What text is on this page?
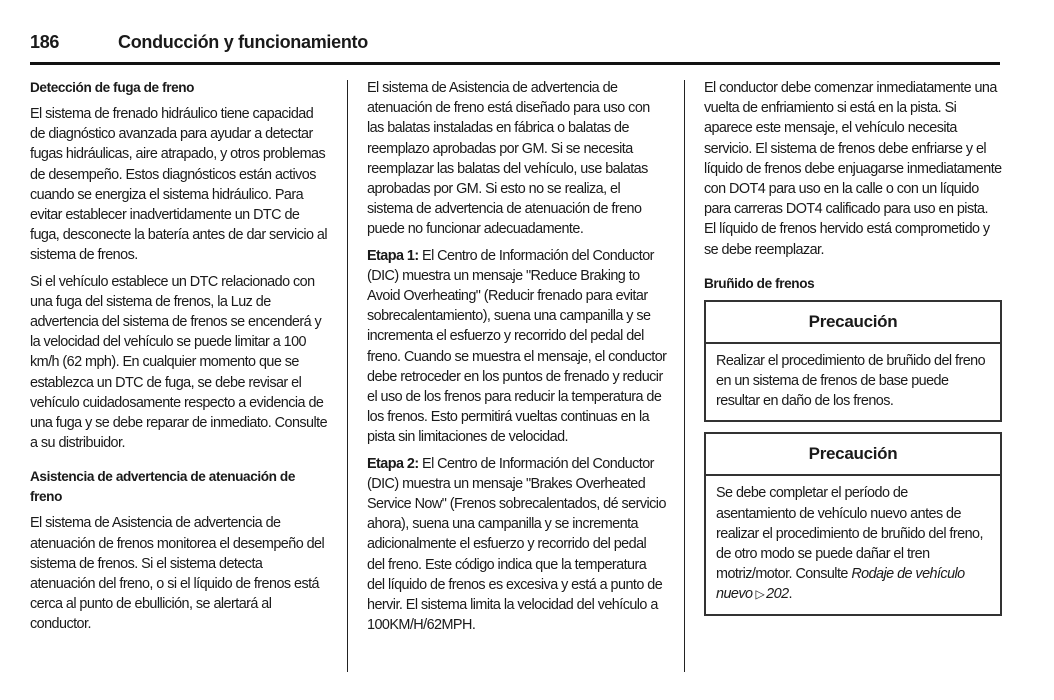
186	Conducción y funcionamiento
Detección de fuga de freno

El sistema de frenado hidráulico tiene capacidad de diagnóstico avanzada para ayudar a detectar fugas hidráulicas, aire atrapado, y otros problemas de desempeño. Estos diagnósticos están activos cuando se energiza el sistema hidráulico. Para evitar establecer inadvertidamente un DTC de fuga, desconecte la batería antes de dar servicio al sistema de frenos.

Si el vehículo establece un DTC relacionado con una fuga del sistema de frenos, la Luz de advertencia del sistema de frenos se encenderá y la velocidad del vehículo se puede limitar a 100 km/h (62 mph). En cualquier momento que se establezca un DTC de fuga, se debe revisar el vehículo cuidadosamente respecto a evidencia de una fuga y se debe reparar de inmediato. Consulte a su distribuidor.

Asistencia de advertencia de atenuación de freno

El sistema de Asistencia de advertencia de atenuación de frenos monitorea el desempeño del sistema de frenos. Si el sistema detecta atenuación del freno, o si el líquido de frenos está cerca al punto de ebullición, se alertará al conductor.

El sistema de Asistencia de advertencia de atenuación de freno está diseñado para uso con las balatas instaladas en fábrica o balatas de reemplazo aprobadas por GM. Si se necesita reemplazar las balatas del vehículo, use balatas aprobadas por GM. Si esto no se realiza, el sistema de advertencia de atenuación de freno puede no funcionar adecuadamente.

Etapa 1: El Centro de Información del Conductor (DIC) muestra un mensaje "Reduce Braking to Avoid Overheating" (Reducir frenado para evitar sobrecalentamiento), suena una campanilla y se incrementa el esfuerzo y recorrido del pedal del freno. Cuando se muestra el mensaje, el conductor debe retroceder en los puntos de frenado y reducir el uso de los frenos para reducir la temperatura de los frenos. Esto permitirá vueltas continuas en la pista sin limitaciones de velocidad.

Etapa 2: El Centro de Información del Conductor (DIC) muestra un mensaje "Brakes Overheated Service Now" (Frenos sobrecalentados, dé servicio ahora), suena una campanilla y se incrementa adicionalmente el esfuerzo y recorrido del pedal del freno. Este código indica que la temperatura del líquido de frenos es excesiva y está a punto de hervir. El sistema limita la velocidad del vehículo a 100KM/H/62MPH.

El conductor debe comenzar inmediatamente una vuelta de enfriamiento si está en la pista. Si aparece este mensaje, el vehículo necesita servicio. El sistema de frenos debe enfriarse y el líquido de frenos debe enjuagarse inmediatamente con DOT4 para uso en la calle o con un líquido para carreras DOT4 calificado para uso en pista. El líquido de frenos hervido está comprometido y se debe reemplazar.

Bruñido de frenos
Precaución
Realizar el procedimiento de bruñido del freno en un sistema de frenos de base puede resultar en daño de los frenos.
Precaución
Se debe completar el período de asentamiento de vehículo nuevo antes de realizar el procedimiento de bruñido del freno, de otro modo se puede dañar el tren motriz/motor. Consulte Rodaje de vehículo nuevo ▷ 202.
